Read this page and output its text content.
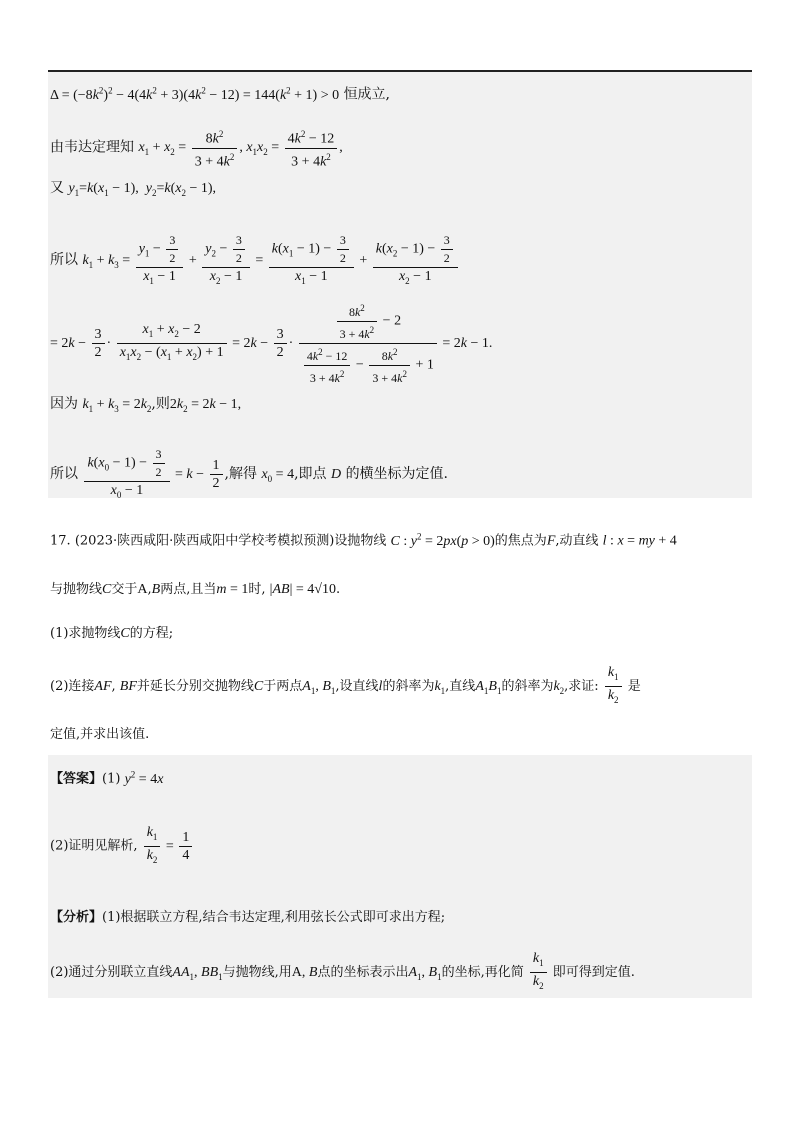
$\Delta = (-8k^2)^2 - 4(4k^2 + 3)(4k^2 - 12) = 144(k^2 + 1) > 0$ 恒成立,
由韦达定理知 $x_1 + x_2 = \frac{8k^2}{3 + 4k^2}$ , $x_1x_2 = \frac{4k^2 - 12}{3 + 4k^2}$ ,
又 $y_1=k(x_1 - 1)$,  $y_2=k(x_2 - 1)$,
所以 $k_1 + k_3 = \frac{y_1 - \frac{3}{2}}{x_1 - 1} + \frac{y_2 - \frac{3}{2}}{x_2 - 1} = \frac{k(x_1 - 1) - \frac{3}{2}}{x_1 - 1} + \frac{k(x_2 - 1) - \frac{3}{2}}{x_2 - 1}$
= $2k - \frac{3}{2} \cdot \frac{x_1 + x_2 - 2}{x_1x_2 - (x_1 + x_2) + 1} = 2k - \frac{3}{2} \cdot \frac{\frac{8k^2}{3 + 4k^2} - 2}{\frac{4k^2 - 12}{3 + 4k^2} - \frac{8k^2}{3 + 4k^2} + 1} = 2k - 1$.
因为 $k_1 + k_3 = 2k_2$,则$2k_2 = 2k - 1$,
所以 $\frac{k(x_0 - 1) - \frac{3}{2}}{x_0 - 1} = k - \frac{1}{2}$ ,解得 $x_0 = 4$,即点 D 的横坐标为定值.
17. (2023·陕西咸阳·陕西咸阳中学校考模拟预测)设抛物线 C : $y^2 = 2px(p > 0)$的焦点为F,动直线 l : x = my + 4
与抛物线C交于A,B两点,且当m = 1时, |AB| = 4√10.
(1)求抛物线C的方程;
(2)连接AF, BF并延长分别交抛物线C于两点$A_1$, $B_1$,设直线l的斜率为$k_1$,直线$A_1B_1$的斜率为$k_2$,求证: $\frac{k_1}{k_2}$ 是
定值,并求出该值.
【答案】(1) $y^2 = 4x$
(2)证明见解析, $\frac{k_1}{k_2} = \frac{1}{4}$
【分析】(1)根据联立方程,结合韦达定理,利用弦长公式即可求出方程;
(2)通过分别联立直线$AA_1$, $BB_1$与抛物线,用A, B点的坐标表示出$A_1$, $B_1$的坐标,再化简 $\frac{k_1}{k_2}$ 即可得到定值.
